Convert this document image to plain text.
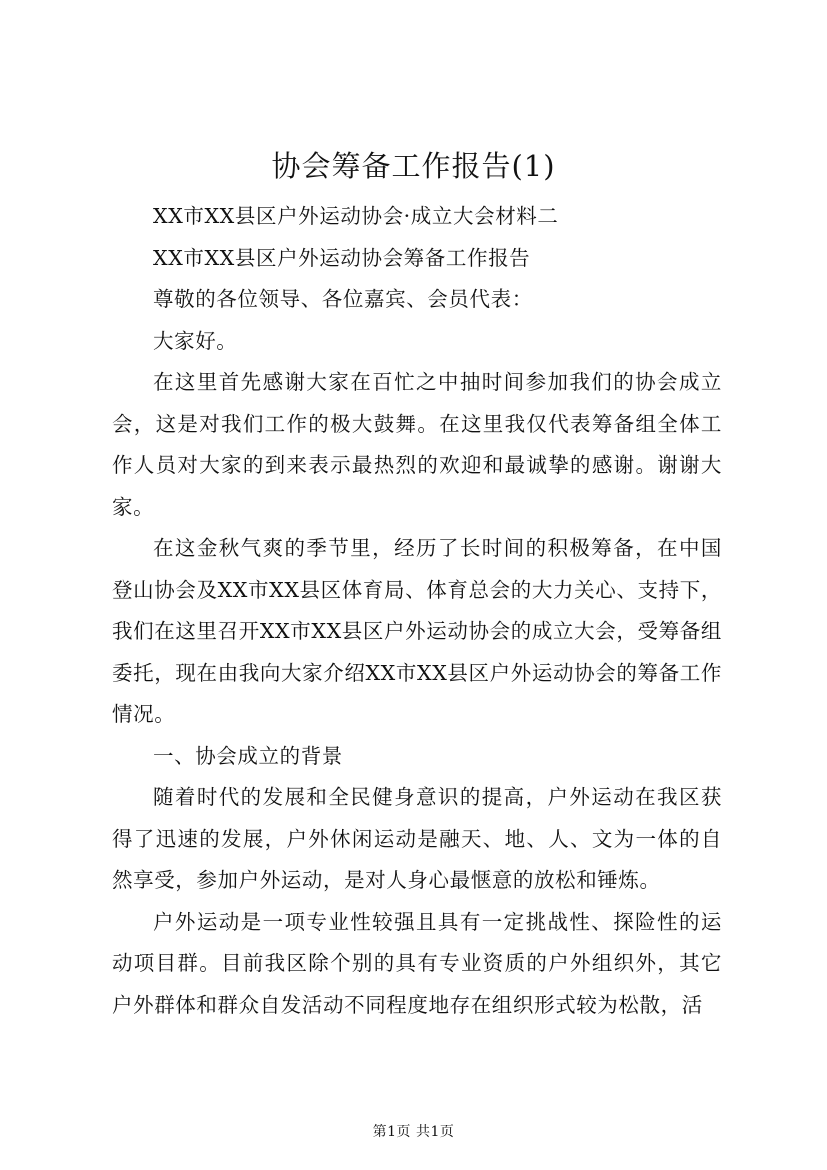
协会筹备工作报告(1)

XX市XX县区户外运动协会·成立大会材料二

XX市XX县区户外运动协会筹备工作报告

尊敬的各位领导、各位嘉宾、会员代表：

大家好。

在这里首先感谢大家在百忙之中抽时间参加我们的协会成立会，这是对我们工作的极大鼓舞。在这里我仅代表筹备组全体工作人员对大家的到来表示最热烈的欢迎和最诚挚的感谢。谢谢大家。

在这金秋气爽的季节里，经历了长时间的积极筹备，在中国登山协会及XX市XX县区体育局、体育总会的大力关心、支持下，我们在这里召开XX市XX县区户外运动协会的成立大会，受筹备组委托，现在由我向大家介绍XX市XX县区户外运动协会的筹备工作情况。

一、协会成立的背景

随着时代的发展和全民健身意识的提高，户外运动在我区获得了迅速的发展，户外休闲运动是融天、地、人、文为一体的自然享受，参加户外运动，是对人身心最惬意的放松和锤炼。

户外运动是一项专业性较强且具有一定挑战性、探险性的运动项目群。目前我区除个别的具有专业资质的户外组织外，其它户外群体和群众自发活动不同程度地存在组织形式较为松散，活

第1页 共1页
